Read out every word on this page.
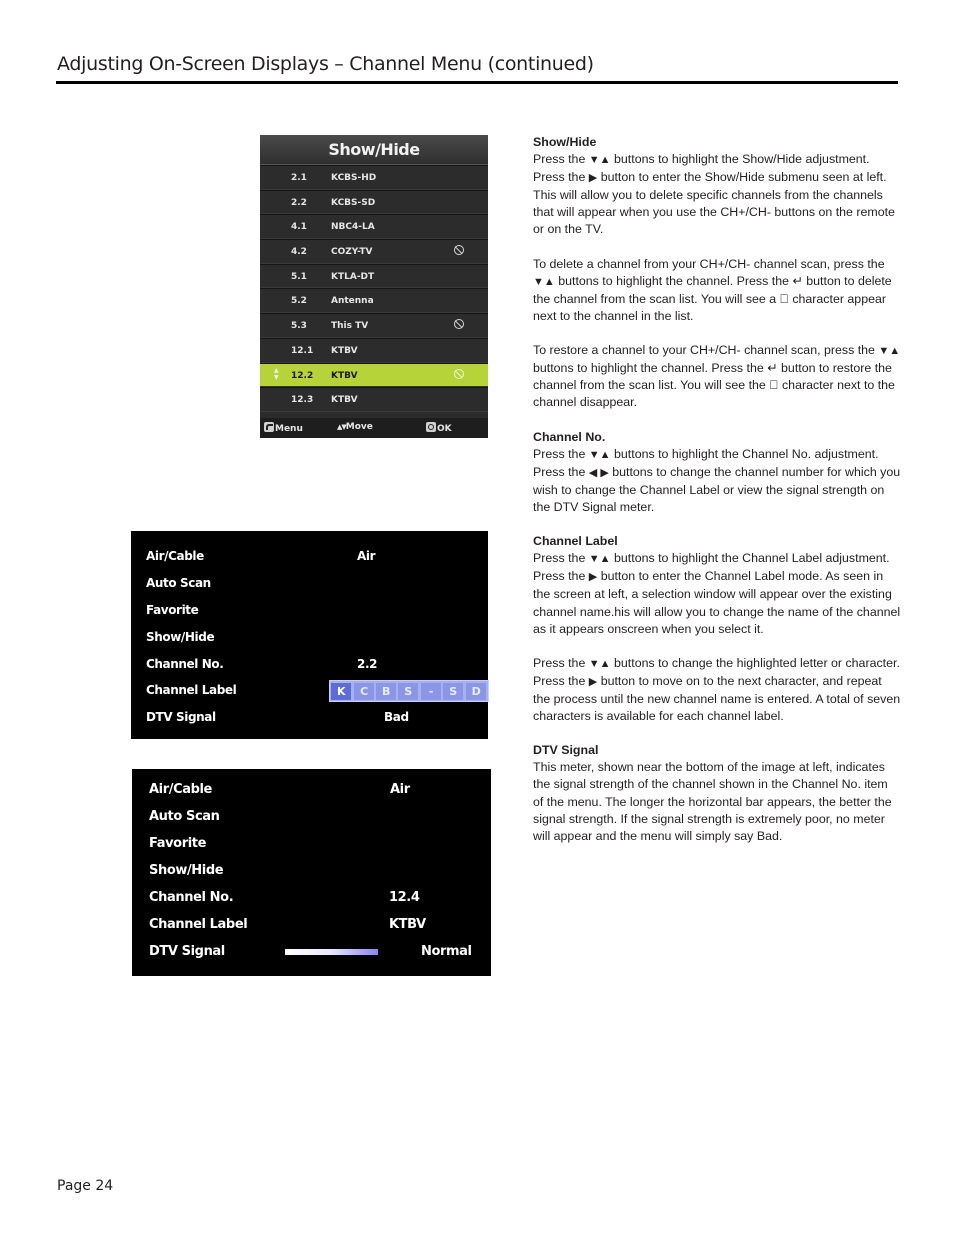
Adjusting On-Screen Displays – Channel Menu (continued)
Show/Hide
2.1	KCBS-HD
2.2	KCBS-SD
4.1	NBC4-LA
4.2	COZY-TV
5.1	KTLA-DT
5.2	Antenna
5.3	This TV
12.1 KTBV
▲
▼ 12.2 KTBV
12.3 KTBV
Menu	▲▼Move	OK
Air/Cable	Air
Auto Scan
Favorite
Show/Hide
Channel No.	2.2
Channel Label	K	C	B	S	-	S	D
DTV Signal	Bad
Air/Cable	Air
Auto Scan
Favorite
Show/Hide
Channel No.	12.4
Channel Label	KTBV
DTV Signal	Normal

Show/Hide

Press the ▼▲ buttons to highlight the Show/Hide adjustment. Press the ▶ button to enter the Show/Hide submenu seen at left. This will allow you to delete specific channels from the channels that will appear when you use the CH+/CH- buttons on the remote or on the TV.

To delete a channel from your CH+/CH- channel scan, press the ▼▲ buttons to highlight the channel. Press the ↵ button to delete the channel from the scan list. You will see a character appear next to the channel in the list.

To restore a channel to your CH+/CH- channel scan, press the ▼▲ buttons to highlight the channel. Press the ↵ button to restore the channel from the scan list. You will see the character next to the channel disappear.

Channel No.

Press the ▼▲ buttons to highlight the Channel No. adjustment. Press the ◀ ▶ buttons to change the channel number for which you wish to change the Channel Label or view the signal strength on the DTV Signal meter.

Channel Label

Press the ▼▲ buttons to highlight the Channel Label adjustment. Press the ▶ button to enter the Channel Label mode. As seen in the screen at left, a selection window will appear over the existing channel name.his will allow you to change the name of the channel as it appears onscreen when you select it.

Press the ▼▲ buttons to change the highlighted letter or character. Press the ▶ button to move on to the next character, and repeat the process until the new channel name is entered. A total of seven characters is available for each channel label.

DTV Signal

This meter, shown near the bottom of the image at left, indicates the signal strength of the channel shown in the Channel No. item of the menu. The longer the horizontal bar appears, the better the signal strength. If the signal strength is extremely poor, no meter will appear and the menu will simply say Bad.

Page 24
